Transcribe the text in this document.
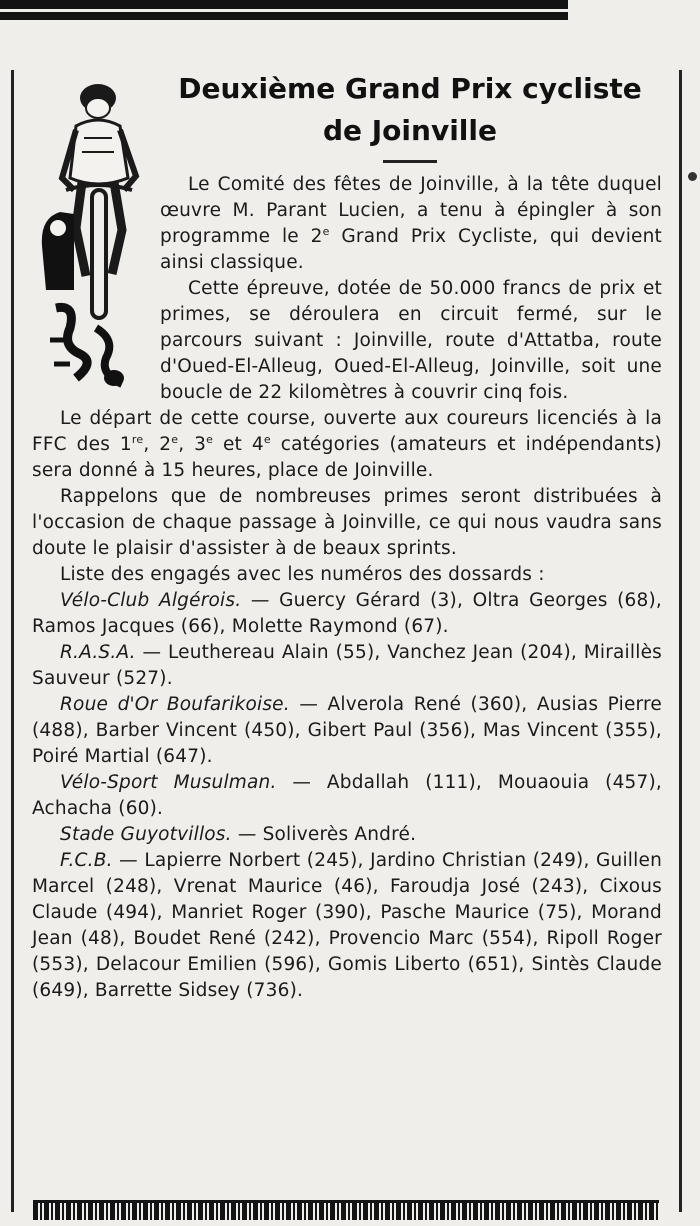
Deuxième Grand Prix cycliste
de Joinville

Le Comité des fêtes de Joinville, à la tête duquel œuvre M. Parant Lucien, a tenu à épingler à son programme le 2e Grand Prix Cycliste, qui devient ainsi classique.

Cette épreuve, dotée de 50.000 francs de prix et primes, se déroulera en circuit fermé, sur le parcours suivant : Joinville, route d'Attatba, route d'Oued-El-Alleug, Oued-El-Alleug, Joinville, soit une boucle de 22 kilomètres à couvrir cinq fois.

Le départ de cette course, ouverte aux coureurs licenciés à la FFC des 1re, 2e, 3e et 4e catégories (amateurs et indépendants) sera donné à 15 heures, place de Joinville.

Rappelons que de nombreuses primes seront distribuées à l'occasion de chaque passage à Joinville, ce qui nous vaudra sans doute le plaisir d'assister à de beaux sprints.

Liste des engagés avec les numéros des dossards :

Vélo-Club Algérois. — Guercy Gérard (3), Oltra Georges (68), Ramos Jacques (66), Molette Raymond (67).

R.A.S.A. — Leuthereau Alain (55), Vanchez Jean (204), Miraillès Sauveur (527).

Roue d'Or Boufarikoise. — Alverola René (360), Ausias Pierre (488), Barber Vincent (450), Gibert Paul (356), Mas Vincent (355), Poiré Martial (647).

Vélo-Sport Musulman. — Abdallah (111), Mouaouia (457), Achacha (60).

Stade Guyotvillos. — Soliverès André.

F.C.B. — Lapierre Norbert (245), Jardino Christian (249), Guillen Marcel (248), Vrenat Maurice (46), Faroudja José (243), Cixous Claude (494), Manriet Roger (390), Pasche Maurice (75), Morand Jean (48), Boudet René (242), Provencio Marc (554), Ripoll Roger (553), Delacour Emilien (596), Gomis Liberto (651), Sintès Claude (649), Barrette Sidsey (736).
